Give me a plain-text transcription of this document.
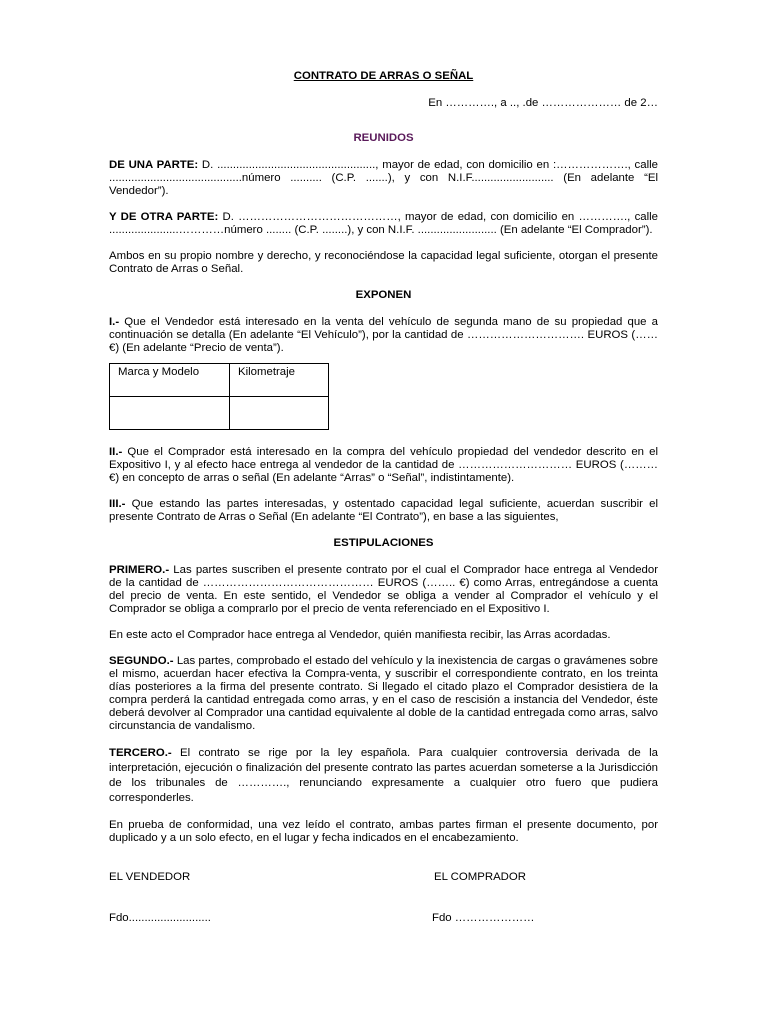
CONTRATO DE ARRAS O SEÑAL

En …………., a .., .de ………………… de 2…

REUNIDOS

DE UNA PARTE: D. .................................................., mayor de edad, con domicilio en :………………., calle ..........................................número .......... (C.P. .......), y con N.I.F.......................... (En adelante “El Vendedor”).

Y DE OTRA PARTE: D. ……………………………………, mayor de edad, con domicilio en …………., calle ......................…………número ........ (C.P. ........), y con N.I.F. ......................... (En adelante “El Comprador”).

Ambos en su propio nombre y derecho, y reconociéndose la capacidad legal suficiente, otorgan el presente Contrato de Arras o Señal.

EXPONEN

I.- Que el Vendedor está interesado en la venta del vehículo de segunda mano de su propiedad que a continuación se detalla (En adelante “El Vehículo”), por la cantidad de …………………………. EUROS (…… €) (En adelante “Precio de venta”).

Marca y Modelo	Kilometraje

II.- Que el Comprador está interesado en la compra del vehículo propiedad del vendedor descrito en el Expositivo I, y al efecto hace entrega al vendedor de la cantidad de ………………………… EUROS (……… €) en concepto de arras o señal (En adelante “Arras” o “Señal”, indistintamente).

III.- Que estando las partes interesadas, y ostentado capacidad legal suficiente, acuerdan suscribir el presente Contrato de Arras o Señal (En adelante “El Contrato”), en base a las siguientes,

ESTIPULACIONES

PRIMERO.- Las partes suscriben el presente contrato por el cual el Comprador hace entrega al Vendedor de la cantidad de ……………………………………… EUROS (…….. €) como Arras, entregándose a cuenta del precio de venta. En este sentido, el Vendedor se obliga a vender al Comprador el vehículo y el Comprador se obliga a comprarlo por el precio de venta referenciado en el Expositivo I.

En este acto el Comprador hace entrega al Vendedor, quién manifiesta recibir, las Arras acordadas.

SEGUNDO.- Las partes, comprobado el estado del vehículo y la inexistencia de cargas o gravámenes sobre el mismo, acuerdan hacer efectiva la Compra-venta, y suscribir el correspondiente contrato, en los treinta días posteriores a la firma del presente contrato. Si llegado el citado plazo el Comprador desistiera de la compra perderá la cantidad entregada como arras, y en el caso de rescisión a instancia del Vendedor, éste deberá devolver al Comprador una cantidad equivalente al doble de la cantidad entregada como arras, salvo circunstancia de vandalismo.

TERCERO.- El contrato se rige por la ley española. Para cualquier controversia derivada de la interpretación, ejecución o finalización del presente contrato las partes acuerdan someterse a la Jurisdicción de los tribunales de …………., renunciando expresamente a cualquier otro fuero que pudiera corresponderles.

En prueba de conformidad, una vez leído el contrato, ambas partes firman el presente documento, por duplicado y a un solo efecto, en el lugar y fecha indicados en el encabezamiento.

EL VENDEDOR	EL COMPRADOR
Fdo..........................	Fdo …………………
